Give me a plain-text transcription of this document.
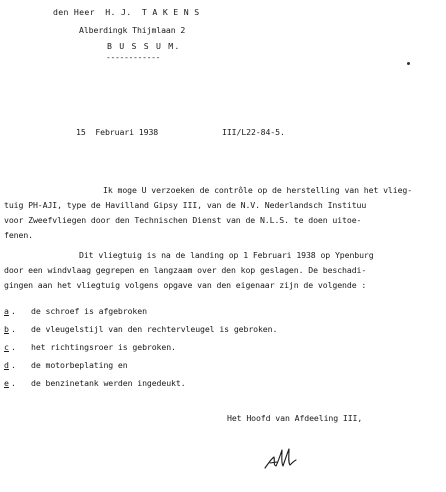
den Heer  H. J.  T A K E N S
Alberdingk Thijmlaan 2
B U S S U M.
------------
15  Februari 1938	III/L22-84-5.
Ik moge U verzoeken de contrôle op de herstelling van het vlieg-
tuig PH-AJI, type de Havilland Gipsy III, van de N.V. Nederlandsch Instituu
voor Zweefvliegen door den Technischen Dienst van de N.L.S. te doen uitoe-
fenen.
Dit vliegtuig is na de landing op 1 Februari 1938 op Ypenburg
door een windvlaag gegrepen en langzaam over den kop geslagen. De beschadi-
gingen aan het vliegtuig volgens opgave van den eigenaar zijn de volgende :
a . de schroef is afgebroken
b . de vleugelstijl van den rechtervleugel is gebroken.
c . het richtingsroer is gebroken.
d . de motorbeplating en
e . de benzinetank werden ingedeukt.
Het Hoofd van Afdeeling III,
